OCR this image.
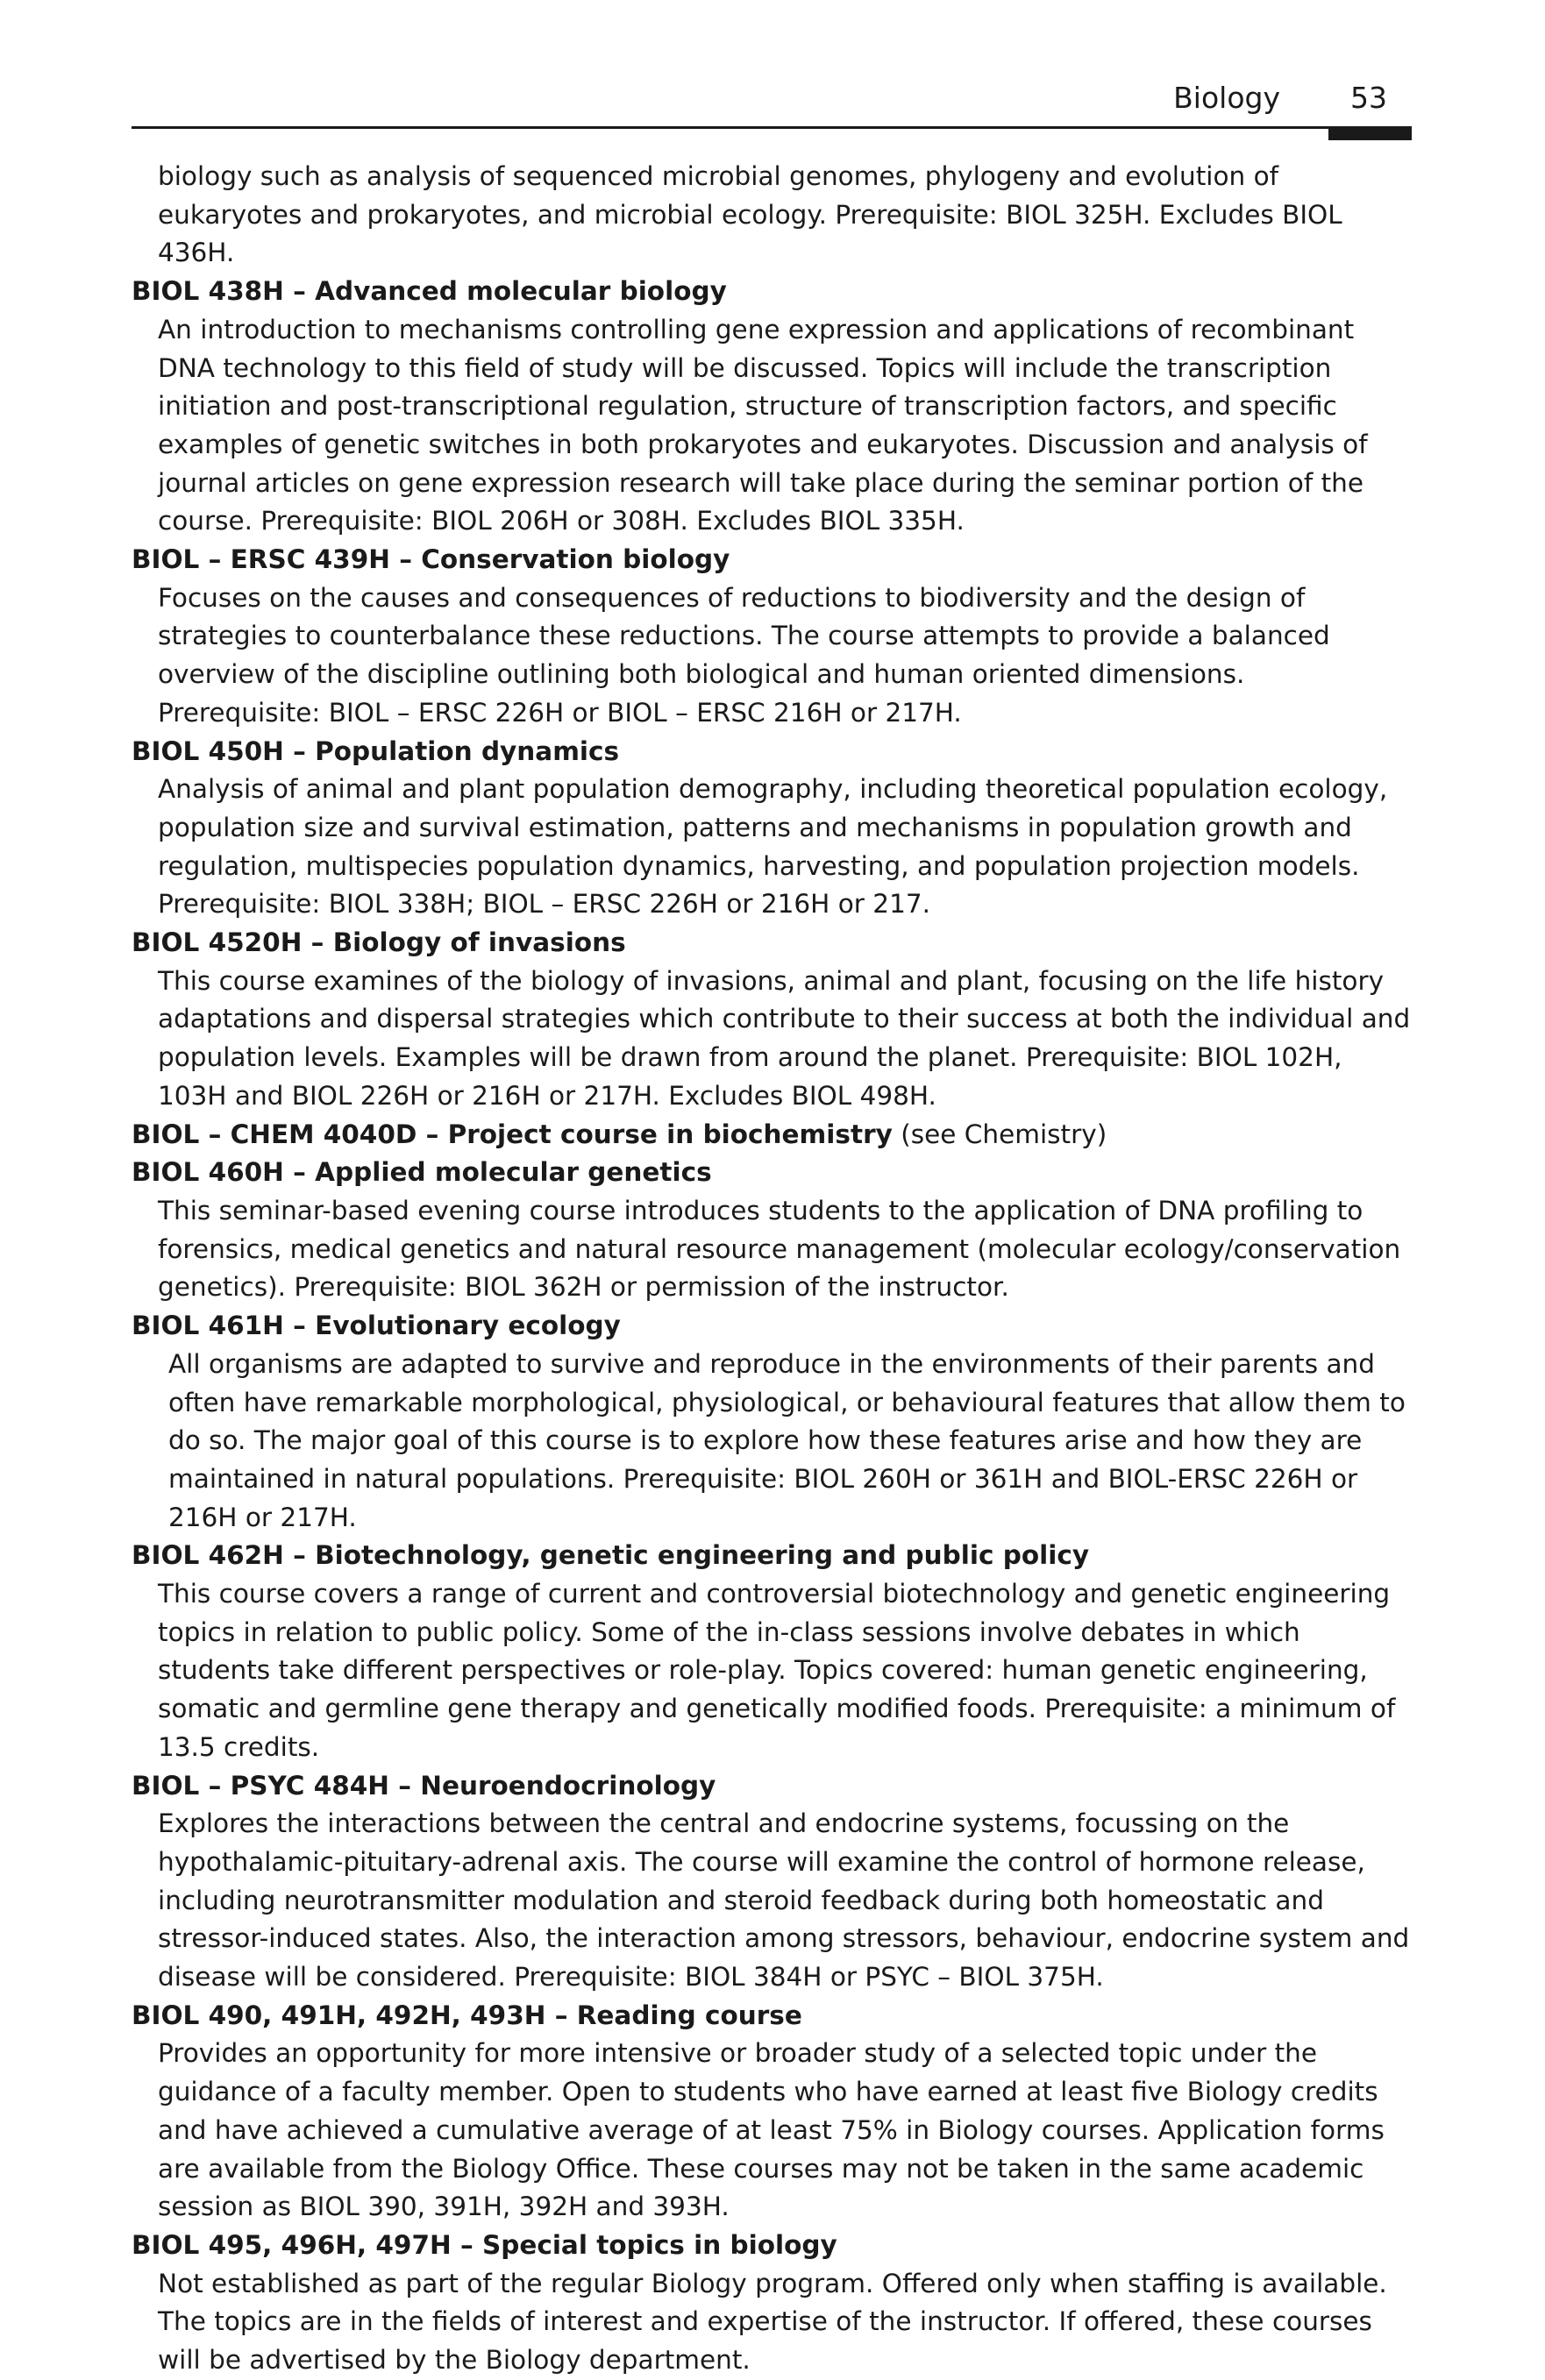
Biology 53

biology such as analysis of sequenced microbial genomes, phylogeny and evolution of eukaryotes and prokaryotes, and microbial ecology. Prerequisite: BIOL 325H. Excludes BIOL 436H.

BIOL 438H – Advanced molecular biology

An introduction to mechanisms controlling gene expression and applications of recombinant DNA technology to this field of study will be discussed. Topics will include the transcription initiation and post-transcriptional regulation, structure of transcription factors, and specific examples of genetic switches in both prokaryotes and eukaryotes. Discussion and analysis of journal articles on gene expression research will take place during the seminar portion of the course. Prerequisite: BIOL 206H or 308H. Excludes BIOL 335H.

BIOL – ERSC 439H – Conservation biology

Focuses on the causes and consequences of reductions to biodiversity and the design of strategies to counterbalance these reductions. The course attempts to provide a balanced overview of the discipline outlining both biological and human oriented dimensions. Prerequisite: BIOL – ERSC 226H or BIOL – ERSC 216H or 217H.

BIOL 450H – Population dynamics

Analysis of animal and plant population demography, including theoretical population ecology, population size and survival estimation, patterns and mechanisms in population growth and regulation, multispecies population dynamics, harvesting, and population projection models. Prerequisite: BIOL 338H; BIOL – ERSC 226H or 216H or 217.

BIOL 4520H – Biology of invasions

This course examines of the biology of invasions, animal and plant, focusing on the life history adaptations and dispersal strategies which contribute to their success at both the individual and population levels. Examples will be drawn from around the planet. Prerequisite: BIOL 102H, 103H and BIOL 226H or 216H or 217H. Excludes BIOL 498H.

BIOL – CHEM 4040D – Project course in biochemistry (see Chemistry)

BIOL 460H – Applied molecular genetics

This seminar-based evening course introduces students to the application of DNA profiling to forensics, medical genetics and natural resource management (molecular ecology/conservation genetics). Prerequisite: BIOL 362H or permission of the instructor.

BIOL 461H – Evolutionary ecology

All organisms are adapted to survive and reproduce in the environments of their parents and often have remarkable morphological, physiological, or behavioural features that allow them to do so. The major goal of this course is to explore how these features arise and how they are maintained in natural populations. Prerequisite: BIOL 260H or 361H and BIOL-ERSC 226H or 216H or 217H.

BIOL 462H – Biotechnology, genetic engineering and public policy

This course covers a range of current and controversial biotechnology and genetic engineering topics in relation to public policy. Some of the in-class sessions involve debates in which students take different perspectives or role-play. Topics covered: human genetic engineering, somatic and germline gene therapy and genetically modified foods. Prerequisite: a minimum of 13.5 credits.

BIOL – PSYC 484H – Neuroendocrinology

Explores the interactions between the central and endocrine systems, focussing on the hypothalamic-pituitary-adrenal axis. The course will examine the control of hormone release, including neurotransmitter modulation and steroid feedback during both homeostatic and stressor-induced states. Also, the interaction among stressors, behaviour, endocrine system and disease will be considered. Prerequisite: BIOL 384H or PSYC – BIOL 375H.

BIOL 490, 491H, 492H, 493H – Reading course

Provides an opportunity for more intensive or broader study of a selected topic under the guidance of a faculty member. Open to students who have earned at least five Biology credits and have achieved a cumulative average of at least 75% in Biology courses. Application forms are available from the Biology Office. These courses may not be taken in the same academic session as BIOL 390, 391H, 392H and 393H.

BIOL 495, 496H, 497H – Special topics in biology

Not established as part of the regular Biology program. Offered only when staffing is available. The topics are in the fields of interest and expertise of the instructor. If offered, these courses will be advertised by the Biology department.
